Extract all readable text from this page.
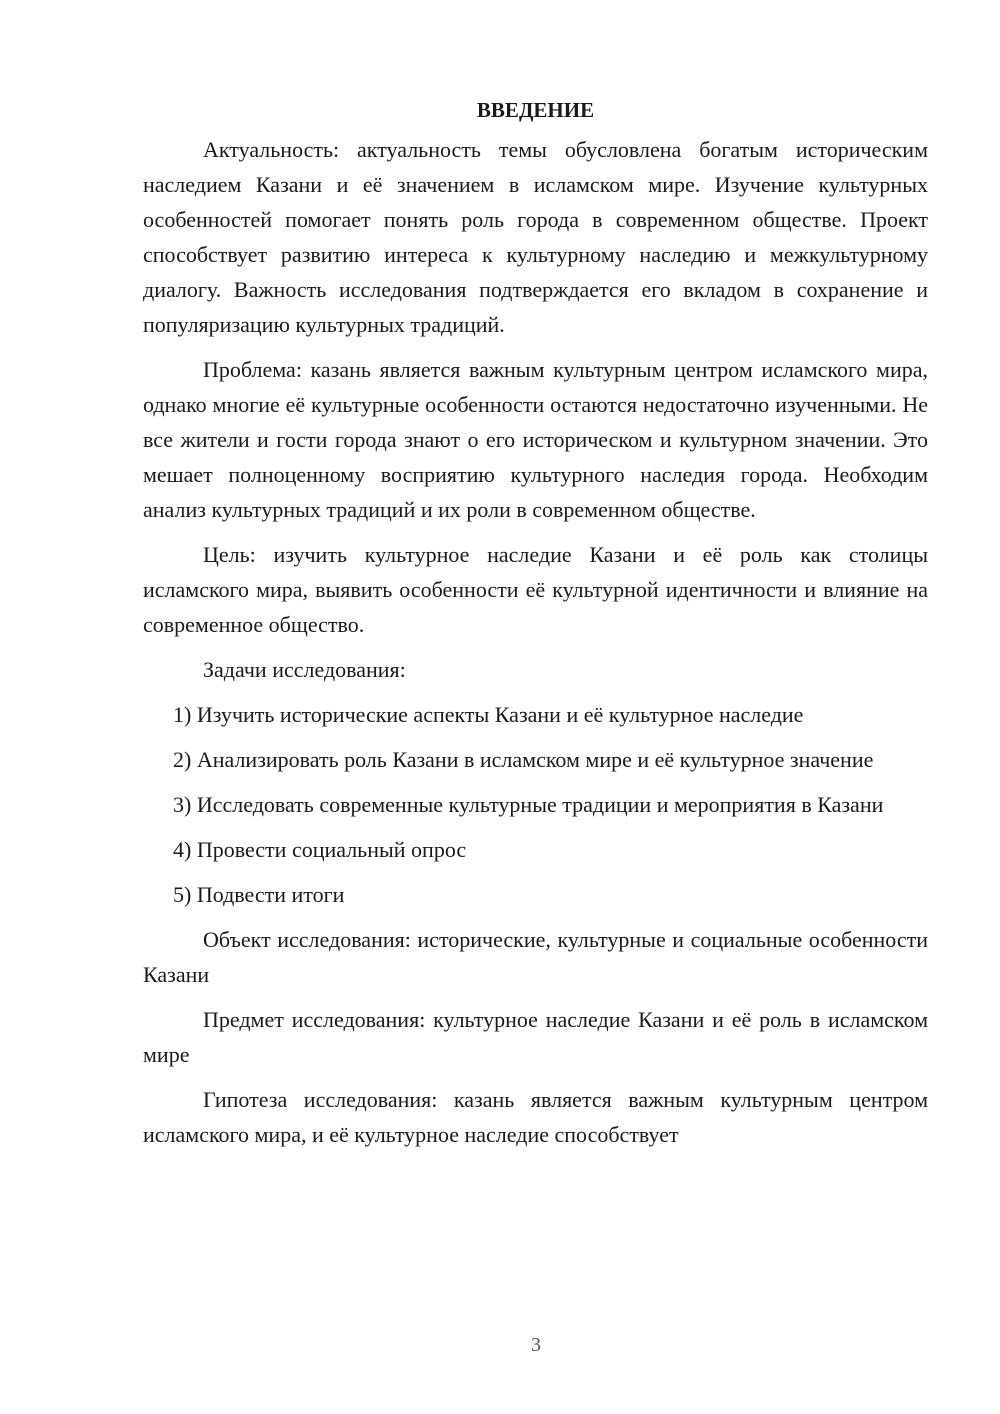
ВВЕДЕНИЕ

Актуальность: актуальность темы обусловлена богатым историческим наследием Казани и её значением в исламском мире. Изучение культурных особенностей помогает понять роль города в современном обществе. Проект способствует развитию интереса к культурному наследию и межкультурному диалогу. Важность исследования подтверждается его вкладом в сохранение и популяризацию культурных традиций.

Проблема: казань является важным культурным центром исламского мира, однако многие её культурные особенности остаются недостаточно изученными. Не все жители и гости города знают о его историческом и культурном значении. Это мешает полноценному восприятию культурного наследия города. Необходим анализ культурных традиций и их роли в современном обществе.

Цель: изучить культурное наследие Казани и её роль как столицы исламского мира, выявить особенности её культурной идентичности и влияние на современное общество.

Задачи исследования:

1) Изучить исторические аспекты Казани и её культурное наследие

2) Анализировать роль Казани в исламском мире и её культурное значение

3) Исследовать современные культурные традиции и мероприятия в Казани

4) Провести социальный опрос

5) Подвести итоги

Объект исследования: исторические, культурные и социальные особенности Казани

Предмет исследования: культурное наследие Казани и её роль в исламском мире

Гипотеза исследования: казань является важным культурным центром исламского мира, и её культурное наследие способствует

3
